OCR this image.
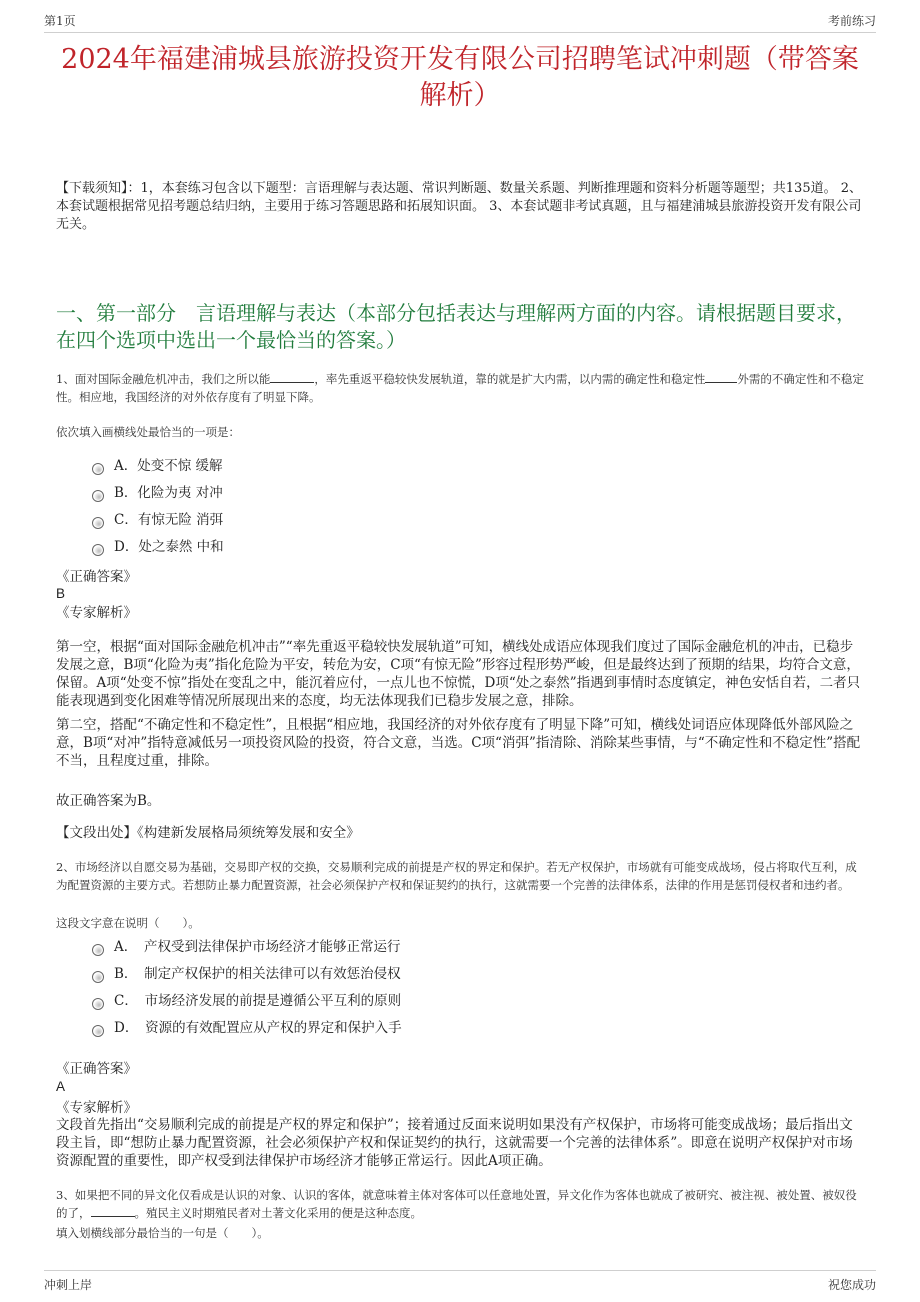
第1页	考前练习
2024年福建浦城县旅游投资开发有限公司招聘笔试冲刺题（带答案解析）
【下载须知】：1，本套练习包含以下题型：言语理解与表达题、常识判断题、数量关系题、判断推理题和资料分析题等题型；共135道。 2、本套试题根据常见招考题总结归纳，主要用于练习答题思路和拓展知识面。 3、本套试题非考试真题，且与福建浦城县旅游投资开发有限公司无关。
一、第一部分　言语理解与表达（本部分包括表达与理解两方面的内容。请根据题目要求，在四个选项中选出一个最恰当的答案。）
1、面对国际金融危机冲击，我们之所以能	，率先重返平稳较快发展轨道，靠的就是扩大内需，以内需的确定性和稳定性	外需的不确定性和不稳定性。相应地，我国经济的对外依存度有了明显下降。
依次填入画横线处最恰当的一项是：
A．处变不惊 缓解
B．化险为夷 对冲
C．有惊无险 消弭
D．处之泰然 中和
《正确答案》
B
《专家解析》
第一空，根据“面对国际金融危机冲击”“率先重返平稳较快发展轨道”可知，横线处成语应体现我们度过了国际金融危机的冲击，已稳步发展之意，B项“化险为夷”指化危险为平安，转危为安，C项“有惊无险”形容过程形势严峻，但是最终达到了预期的结果，均符合文意，保留。A项“处变不惊”指处在变乱之中，能沉着应付，一点儿也不惊慌，D项“处之泰然”指遇到事情时态度镇定，神色安恬自若，二者只能表现遇到变化困难等情况所展现出来的态度，均无法体现我们已稳步发展之意，排除。
第二空，搭配“不确定性和不稳定性”，且根据“相应地，我国经济的对外依存度有了明显下降”可知，横线处词语应体现降低外部风险之意，B项“对冲”指特意减低另一项投资风险的投资，符合文意，当选。C项“消弭”指清除、消除某些事情，与“不确定性和不稳定性”搭配不当，且程度过重，排除。
故正确答案为B。
【文段出处】《构建新发展格局须统筹发展和安全》
2、市场经济以自愿交易为基础，交易即产权的交换，交易顺利完成的前提是产权的界定和保护。若无产权保护，市场就有可能变成战场，侵占将取代互利，成为配置资源的主要方式。若想防止暴力配置资源，社会必须保护产权和保证契约的执行，这就需要一个完善的法律体系，法律的作用是惩罚侵权者和违约者。
这段文字意在说明（　　）。
A．　产权受到法律保护市场经济才能够正常运行
B．　制定产权保护的相关法律可以有效惩治侵权
C．　市场经济发展的前提是遵循公平互利的原则
D．　资源的有效配置应从产权的界定和保护入手
《正确答案》
A
《专家解析》
文段首先指出“交易顺利完成的前提是产权的界定和保护”；接着通过反面来说明如果没有产权保护，市场将可能变成战场；最后指出文段主旨，即“想防止暴力配置资源，社会必须保护产权和保证契约的执行，这就需要一个完善的法律体系”。即意在说明产权保护对市场资源配置的重要性，即产权受到法律保护市场经济才能够正常运行。因此A项正确。
3、如果把不同的异文化仅看成是认识的对象、认识的客体，就意味着主体对客体可以任意地处置，异文化作为客体也就成了被研究、被注视、被处置、被奴役的了，	。殖民主义时期殖民者对土著文化采用的便是这种态度。
填入划横线部分最恰当的一句是（　　）。
冲刺上岸	祝您成功
